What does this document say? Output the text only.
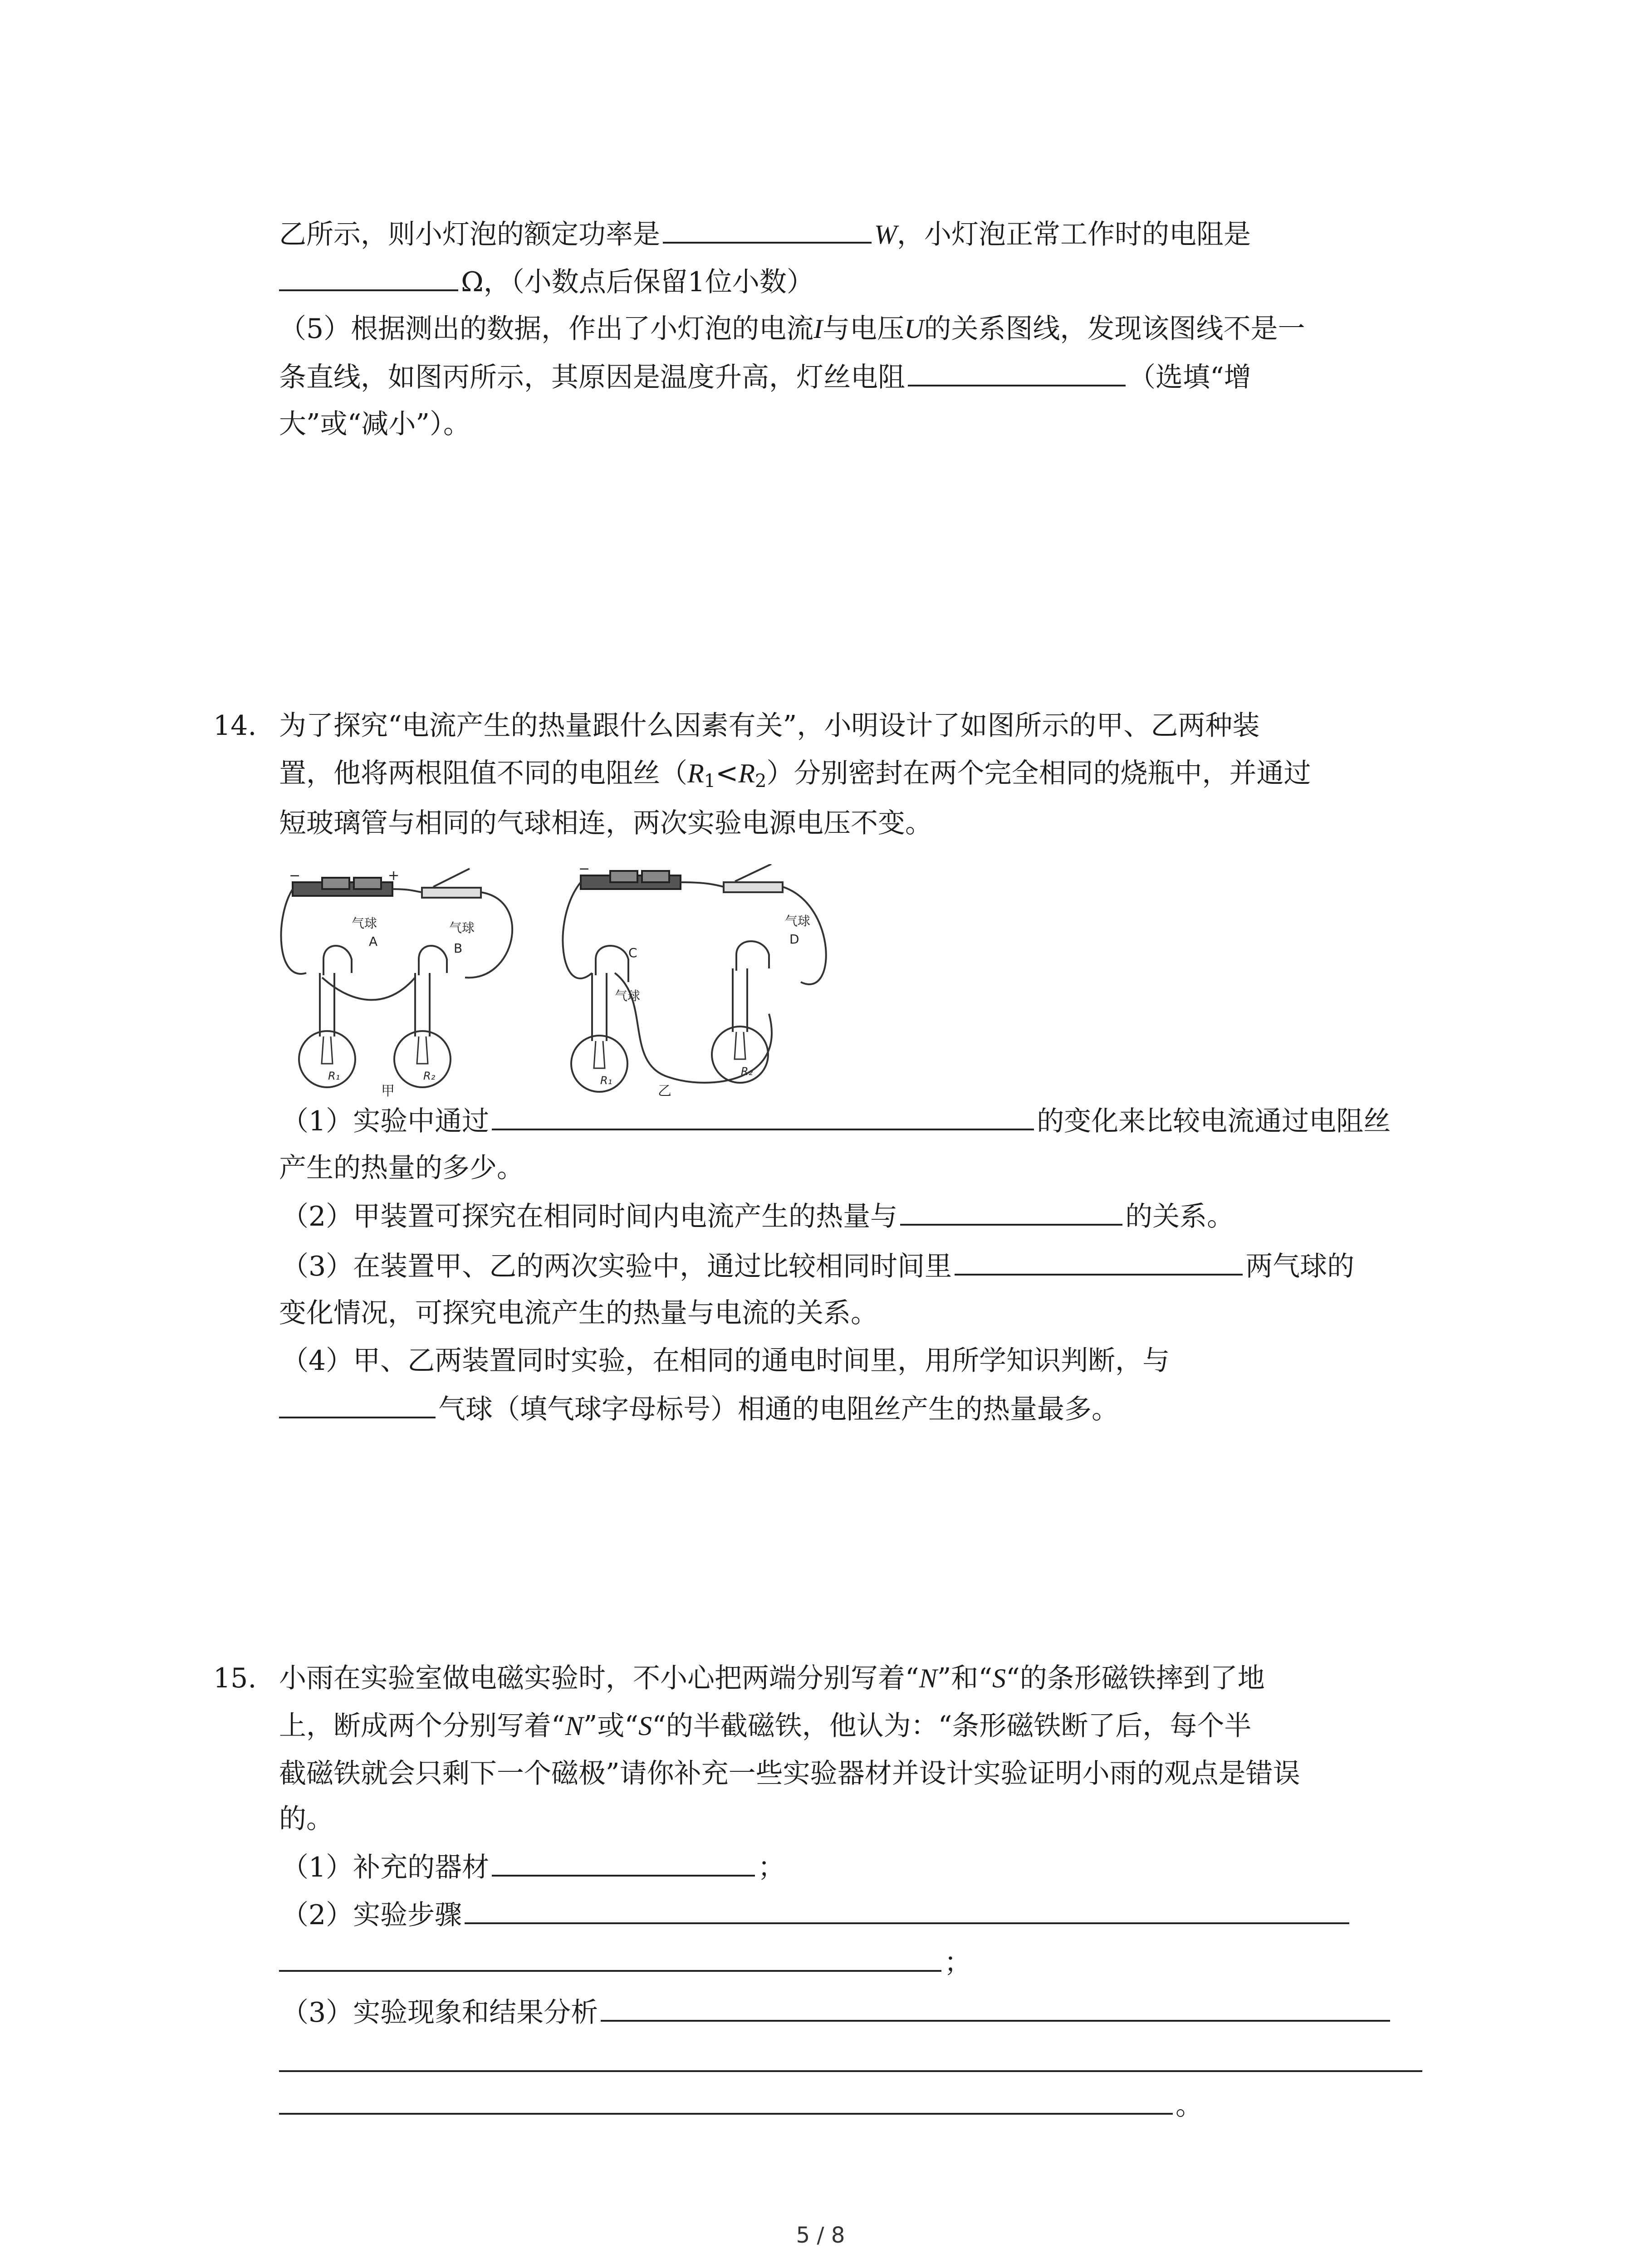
乙所示，则小灯泡的额定功率是	W，小灯泡正常工作时的电阻是
Ω，（小数点后保留1位小数）
（5）根据测出的数据，作出了小灯泡的电流I与电压U的关系图线，发现该图线不是一
条直线，如图丙所示，其原因是温度升高，灯丝电阻	（选填“增
大”或“减小”）。
14. 为了探究“电流产生的热量跟什么因素有关”，小明设计了如图所示的甲、乙两种装
置，他将两根阻值不同的电阻丝$(R_1<R_2)$分别密封在两个完全相同的烧瓶中，并通过
短玻璃管与相同的气球相连，两次实验电源电压不变。
−	+
R₁	R₂
气球
A
气球
B
甲
−
R₁
R₂
C
气球
气球
D
乙
（1）实验中通过	的变化来比较电流通过电阻丝
产生的热量的多少。
（2）甲装置可探究在相同时间内电流产生的热量与	的关系。
（3）在装置甲、乙的两次实验中，通过比较相同时间里	两气球的
变化情况，可探究电流产生的热量与电流的关系。
（4）甲、乙两装置同时实验，在相同的通电时间里，用所学知识判断，与
气球（填气球字母标号）相通的电阻丝产生的热量最多。
15. 小雨在实验室做电磁实验时，不小心把两端分别写着“N”和“S“的条形磁铁摔到了地
上，断成两个分别写着“N”或“S“的半截磁铁，他认为：“条形磁铁断了后，每个半
截磁铁就会只剩下一个磁极”请你补充一些实验器材并设计实验证明小雨的观点是错误
的。
（1）补充的器材	；
（2）实验步骤
；
（3）实验现象和结果分析
。
5 / 8
